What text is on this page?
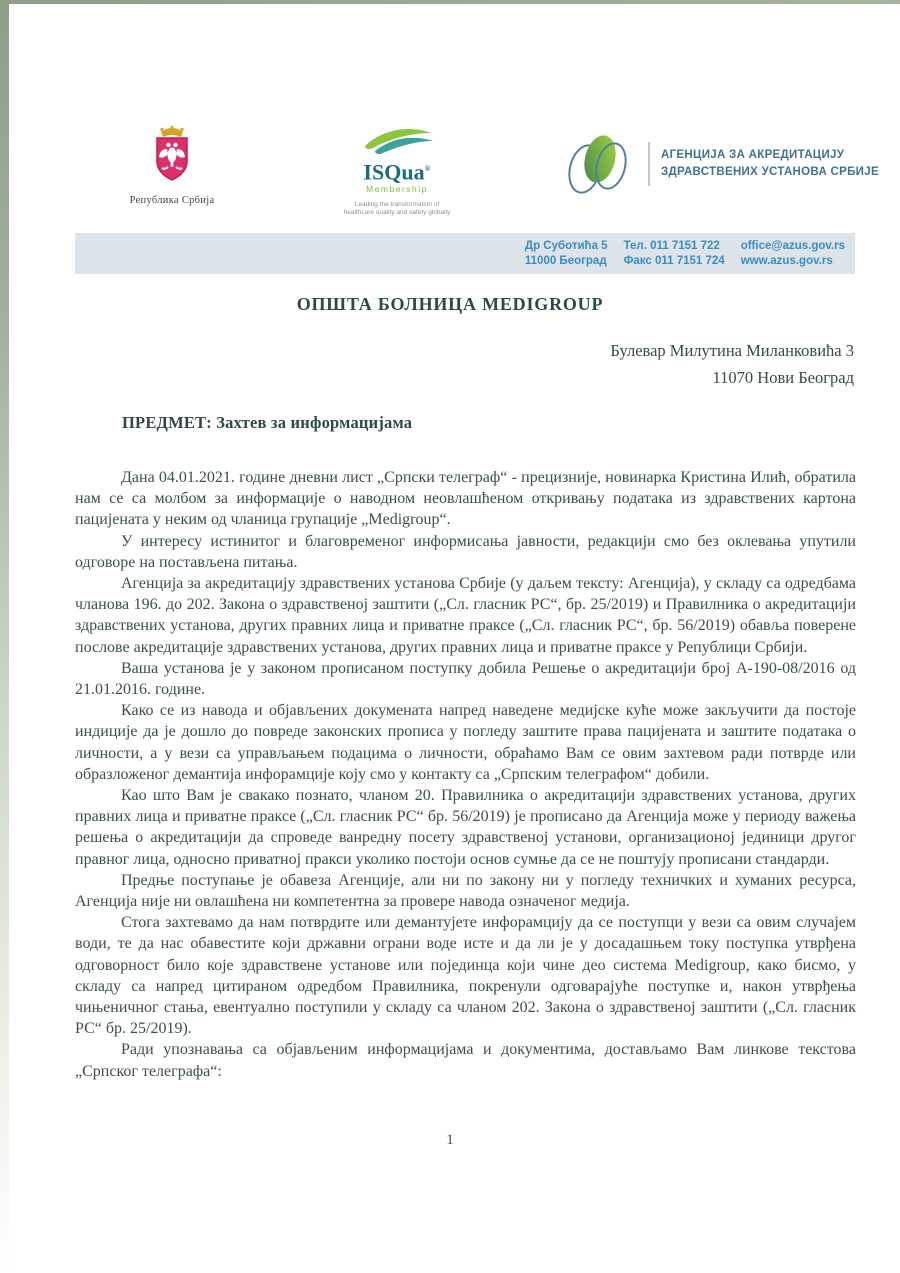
Република Србија
ISQua®
Membership
Leading the transformation of
healthcare quality and safety globally
АГЕНЦИЈА ЗА АКРЕДИТАЦИЈУ
ЗДРАВСТВЕНИХ УСТАНОВА СРБИЈЕ
Др Суботића 5
11000 Београд
Тел. 011 7151 722
Факс 011 7151 724
office@azus.gov.rs
www.azus.gov.rs
ОПШТА БОЛНИЦА MEDIGROUP
Булевар Милутина Миланковића 3
11070 Нови Београд
ПРЕДМЕТ: Захтев за информацијама

Дана 04.01.2021. године дневни лист „Српски телеграф“ - прецизније, новинарка Кристина Илић, обратила нам се са молбом за информације о наводном неовлашћеном откривању података из здравствених картона пацијената у неким од чланица групације „Medigroup“.

У интересу истинитог и благовременог информисања јавности, редакцији смо без оклевања упутили одговоре на постављена питања.

Агенција за акредитацију здравствених установа Србије (у даљем тексту: Агенција), у складу са одредбама чланова 196. до 202. Закона о здравственој заштити („Сл. гласник РС“, бр. 25/2019) и Правилника о акредитацији здравствених установа, других правних лица и приватне праксе („Сл. гласник РС“, бр. 56/2019) обавља поверене послове акредитације здравствених установа, других правних лица и приватне праксе у Републици Србији.

Ваша установа је у законом прописаном поступку добила Решење о акредитацији број А-190-08/2016 од 21.01.2016. године.

Како се из навода и објављених докумената напред наведене медијске куће може закључити да постоје индиције да је дошло до повреде законских прописа у погледу заштите права пацијената и заштите података о личности, а у вези са управљањем подацима о личности, обраћамо Вам се овим захтевом ради потврде или образложеног демантија инфорамције коју смо у контакту са „Српским телеграфом“ добили.

Као што Вам је свакако познато, чланом 20. Правилника о акредитацији здравствених установа, других правних лица и приватне праксе („Сл. гласник РС“ бр. 56/2019) је прописано да Агенција може у периоду важења решења о акредитацији да спроведе ванредну посету здравственој установи, организационој јединици другог правног лица, односно приватној пракси уколико постоји основ сумње да се не поштују прописани стандарди.

Предње поступање је обавеза Агенције, али ни по закону ни у погледу техничких и хуманих ресурса, Агенција није ни овлашћена ни компетентна за провере навода означеног медија.

Стога захтевамо да нам потврдите или демантујете инфорамцију да се поступци у вези са овим случајем води, те да нас обавестите који државни ограни воде исте и да ли је у досадашњем току поступка утврђена одговорност било које здравствене установе или појединца који чине део система Medigroup, како бисмо, у складу са напред цитираном одредбом Правилника, покренули одговарајуће поступке и, након утврђења чињеничног стања, евентуално поступили у складу са чланом 202. Закона о здравственој заштити („Сл. гласник РС“ бр. 25/2019).

Ради упознавања са објављеним информацијама и документима, достављамо Вам линкове текстова „Српског телеграфа“:

1
